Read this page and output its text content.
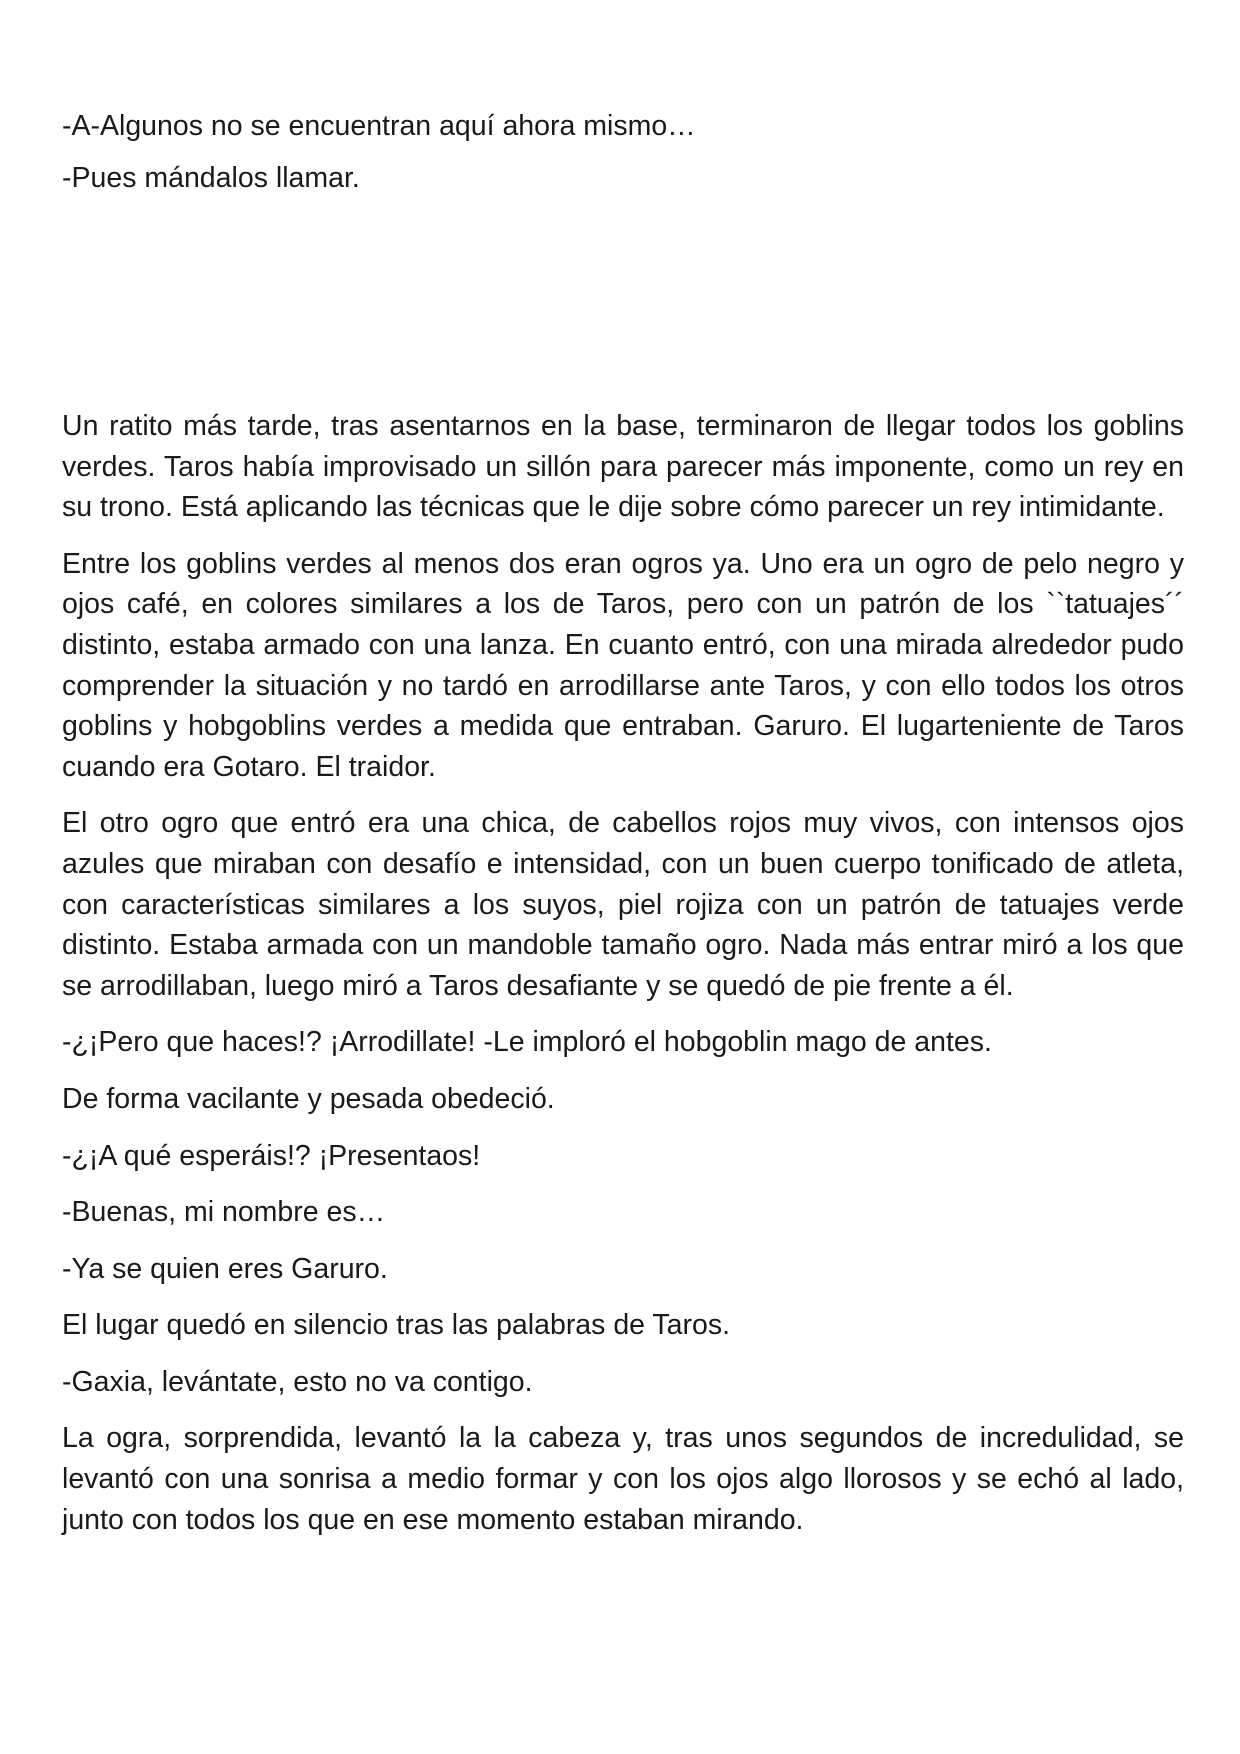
-A-Algunos no se encuentran aquí ahora mismo…

-Pues mándalos llamar.

Un ratito más tarde, tras asentarnos en la base, terminaron de llegar todos los goblins verdes. Taros había improvisado un sillón para parecer más imponente, como un rey en su trono. Está aplicando las técnicas que le dije sobre cómo parecer un rey intimidante.

Entre los goblins verdes al menos dos eran ogros ya. Uno era un ogro de pelo negro y ojos café, en colores similares a los de Taros, pero con un patrón de los ``tatuajes´´ distinto, estaba armado con una lanza. En cuanto entró, con una mirada alrededor pudo comprender la situación y no tardó en arrodillarse ante Taros, y con ello todos los otros goblins y hobgoblins verdes a medida que entraban. Garuro. El lugarteniente de Taros cuando era Gotaro. El traidor.

El otro ogro que entró era una chica, de cabellos rojos muy vivos, con intensos ojos azules que miraban con desafío e intensidad, con un buen cuerpo tonificado de atleta, con características similares a los suyos, piel rojiza con un patrón de tatuajes verde distinto. Estaba armada con un mandoble tamaño ogro. Nada más entrar miró a los que se arrodillaban, luego miró a Taros desafiante y se quedó de pie frente a él.

-¿¡Pero que haces!? ¡Arrodillate! -Le imploró el hobgoblin mago de antes.

De forma vacilante y pesada obedeció.

-¿¡A qué esperáis!? ¡Presentaos!

-Buenas, mi nombre es…

-Ya se quien eres Garuro.

El lugar quedó en silencio tras las palabras de Taros.

-Gaxia, levántate, esto no va contigo.

La ogra, sorprendida, levantó la la cabeza y, tras unos segundos de incredulidad, se levantó con una sonrisa a medio formar y con los ojos algo llorosos y se echó al lado, junto con todos los que en ese momento estaban mirando.
